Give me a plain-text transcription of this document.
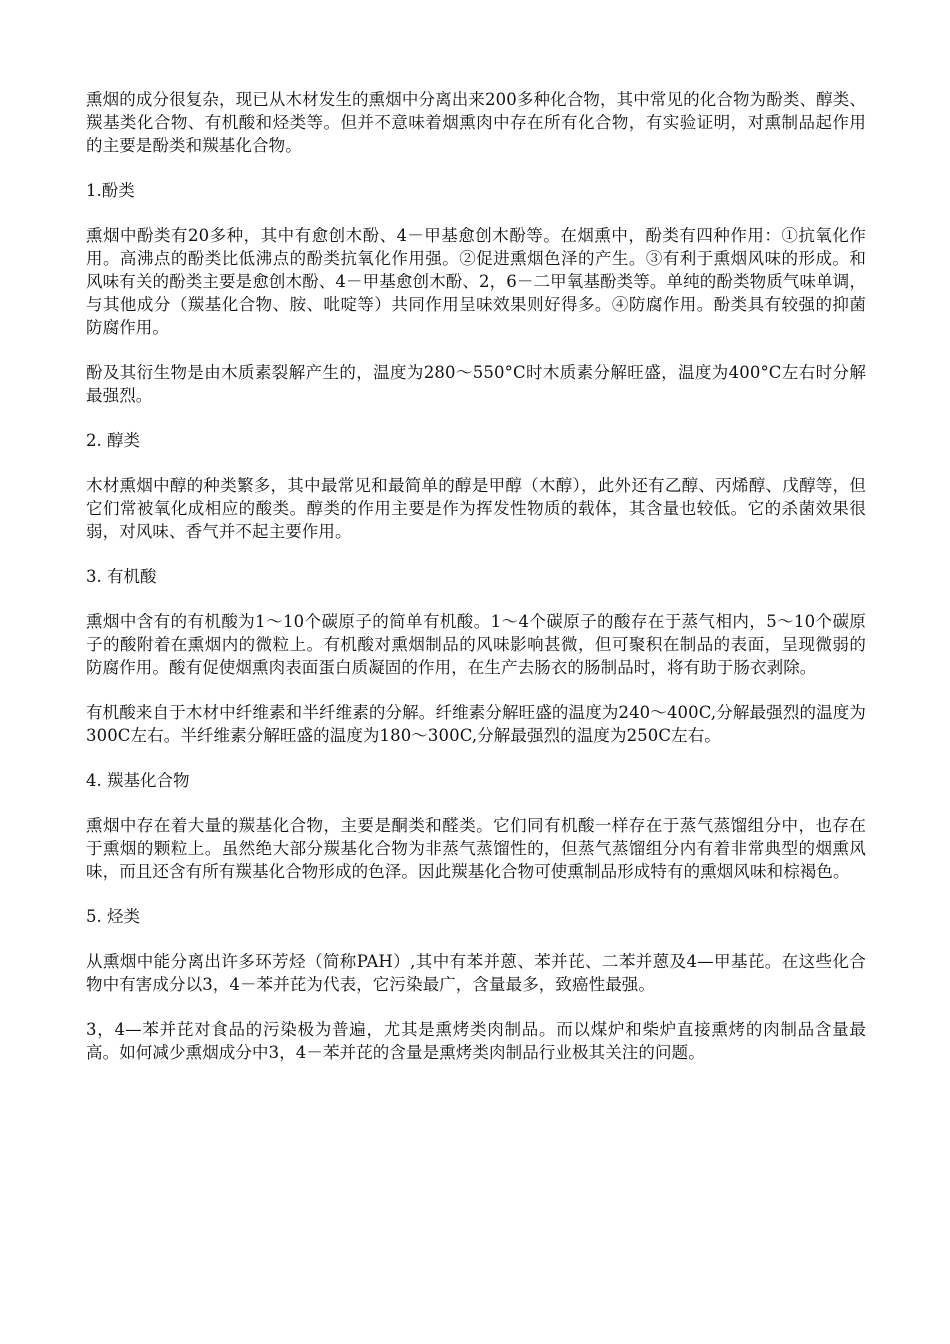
熏烟的成分很复杂，现已从木材发生的熏烟中分离出来200多种化合物，其中常见的化合物为酚类、醇类、羰基类化合物、有机酸和烃类等。但并不意味着烟熏肉中存在所有化合物，有实验证明，对熏制品起作用的主要是酚类和羰基化合物。

1.酚类

熏烟中酚类有20多种，其中有愈创木酚、4－甲基愈创木酚等。在烟熏中，酚类有四种作用：①抗氧化作用。高沸点的酚类比低沸点的酚类抗氧化作用强。②促进熏烟色泽的产生。③有利于熏烟风味的形成。和风味有关的酚类主要是愈创木酚、4－甲基愈创木酚、2，6－二甲氧基酚类等。单纯的酚类物质气味单调，与其他成分（羰基化合物、胺、吡啶等）共同作用呈味效果则好得多。④防腐作用。酚类具有较强的抑菌防腐作用。

酚及其衍生物是由木质素裂解产生的，温度为280～550°C时木质素分解旺盛，温度为400°C左右时分解最强烈。

2. 醇类

木材熏烟中醇的种类繁多，其中最常见和最简单的醇是甲醇（木醇），此外还有乙醇、丙烯醇、戊醇等，但它们常被氧化成相应的酸类。醇类的作用主要是作为挥发性物质的载体，其含量也较低。它的杀菌效果很弱，对风味、香气并不起主要作用。

3. 有机酸

熏烟中含有的有机酸为1～10个碳原子的简单有机酸。1～4个碳原子的酸存在于蒸气相内，5～10个碳原子的酸附着在熏烟内的微粒上。有机酸对熏烟制品的风味影响甚微，但可聚积在制品的表面，呈现微弱的防腐作用。酸有促使烟熏肉表面蛋白质凝固的作用，在生产去肠衣的肠制品时，将有助于肠衣剥除。

有机酸来自于木材中纤维素和半纤维素的分解。纤维素分解旺盛的温度为240～400C,分解最强烈的温度为300C左右。半纤维素分解旺盛的温度为180～300C,分解最强烈的温度为250C左右。

4. 羰基化合物

熏烟中存在着大量的羰基化合物，主要是酮类和醛类。它们同有机酸一样存在于蒸气蒸馏组分中，也存在于熏烟的颗粒上。虽然绝大部分羰基化合物为非蒸气蒸馏性的，但蒸气蒸馏组分内有着非常典型的烟熏风味，而且还含有所有羰基化合物形成的色泽。因此羰基化合物可使熏制品形成特有的熏烟风味和棕褐色。

5. 烃类

从熏烟中能分离出许多环芳烃（简称PAH）,其中有苯并蒽、苯并芘、二苯并蒽及4—甲基芘。在这些化合物中有害成分以3，4－苯并芘为代表，它污染最广，含量最多，致癌性最强。

3，4—苯并芘对食品的污染极为普遍，尤其是熏烤类肉制品。而以煤炉和柴炉直接熏烤的肉制品含量最高。如何减少熏烟成分中3，4－苯并芘的含量是熏烤类肉制品行业极其关注的问题。
